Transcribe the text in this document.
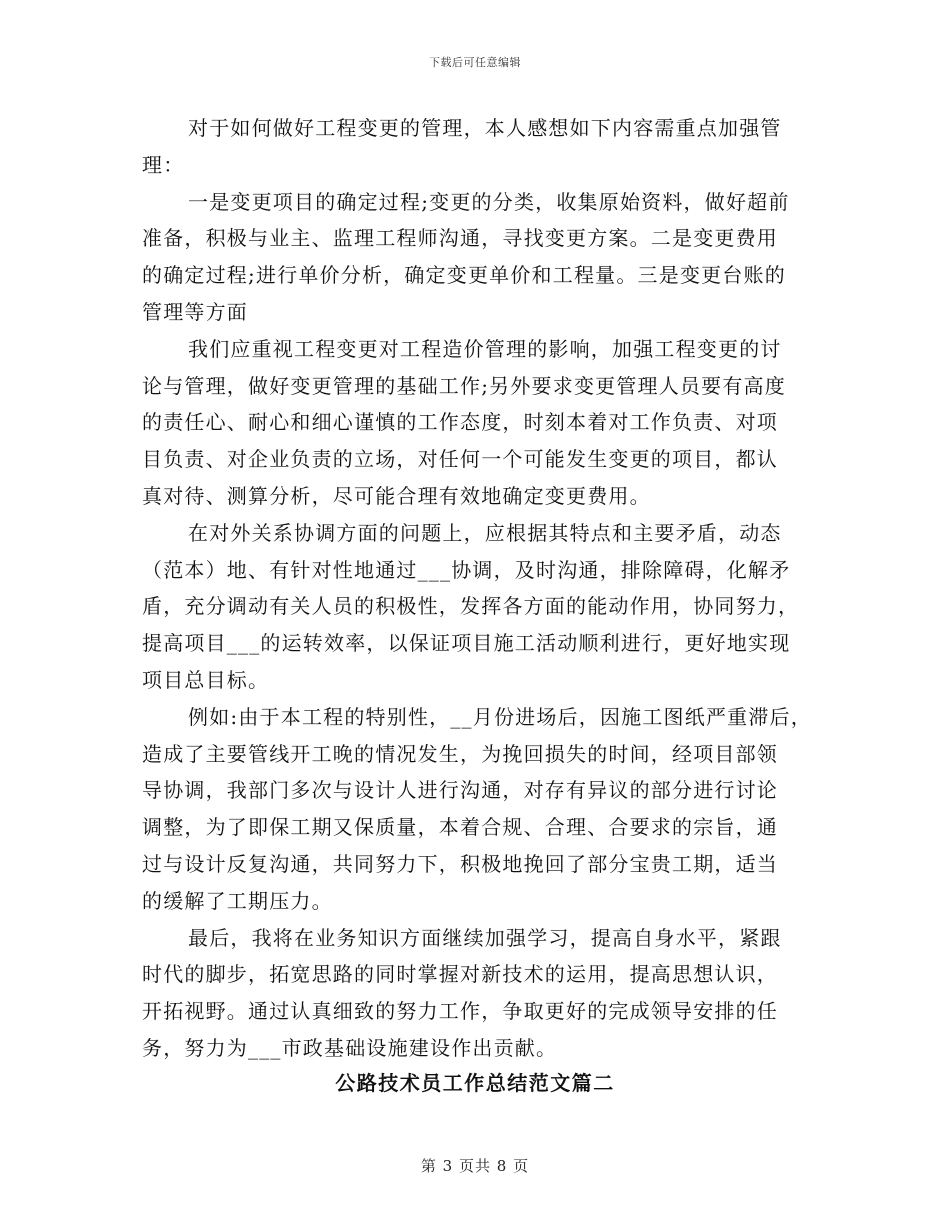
下载后可任意编辑
对于如何做好工程变更的管理，本人感想如下内容需重点加强管
理：
一是变更项目的确定过程;变更的分类，收集原始资料，做好超前
准备，积极与业主、监理工程师沟通，寻找变更方案。二是变更费用
的确定过程;进行单价分析，确定变更单价和工程量。三是变更台账的
管理等方面
我们应重视工程变更对工程造价管理的影响，加强工程变更的讨
论与管理，做好变更管理的基础工作;另外要求变更管理人员要有高度
的责任心、耐心和细心谨慎的工作态度，时刻本着对工作负责、对项
目负责、对企业负责的立场，对任何一个可能发生变更的项目，都认
真对待、测算分析，尽可能合理有效地确定变更费用。
在对外关系协调方面的问题上，应根据其特点和主要矛盾，动态
（范本）地、有针对性地通过___协调，及时沟通，排除障碍，化解矛
盾，充分调动有关人员的积极性，发挥各方面的能动作用，协同努力，
提高项目___的运转效率，以保证项目施工活动顺利进行，更好地实现
项目总目标。
例如:由于本工程的特别性，__月份进场后，因施工图纸严重滞后，
造成了主要管线开工晚的情况发生，为挽回损失的时间，经项目部领
导协调，我部门多次与设计人进行沟通，对存有异议的部分进行讨论
调整，为了即保工期又保质量，本着合规、合理、合要求的宗旨，通
过与设计反复沟通，共同努力下，积极地挽回了部分宝贵工期，适当
的缓解了工期压力。
最后，我将在业务知识方面继续加强学习，提高自身水平，紧跟
时代的脚步，拓宽思路的同时掌握对新技术的运用，提高思想认识，
开拓视野。通过认真细致的努力工作，争取更好的完成领导安排的任
务，努力为___市政基础设施建设作出贡献。
公路技术员工作总结范文篇二
第 3 页共 8 页
